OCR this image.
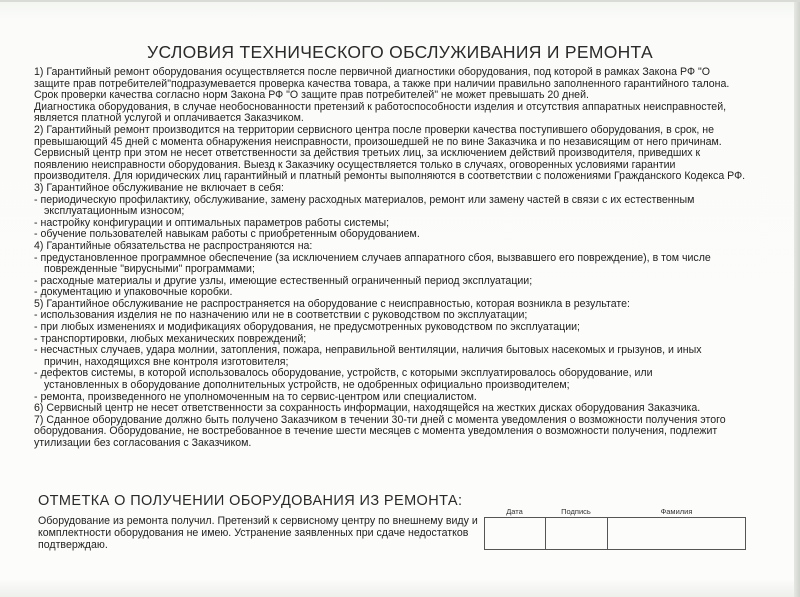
УСЛОВИЯ ТЕХНИЧЕСКОГО ОБСЛУЖИВАНИЯ И РЕМОНТА
1) Гарантийный ремонт оборудования осуществляется после первичной диагностики оборудования, под которой в рамках Закона РФ "О
защите прав потребителей"подразумевается проверка качества товара, а также при наличии правильно заполненного гарантийного талона.
Срок проверки качества согласно норм Закона РФ "О защите прав потребителей" не может превышать 20 дней.
Диагностика оборудования, в случае необоснованности претензий к работоспособности изделия и отсутствия аппаратных неисправностей,
является платной услугой и оплачивается Заказчиком.
2) Гарантийный ремонт производится на территории сервисного центра после проверки качества поступившего оборудования, в срок, не
превышающий 45 дней с момента обнаружения неисправности, произошедшей не по вине Заказчика и по независящим от него причинам.
Сервисный центр при этом не несет ответственности за действия третьих лиц, за исключением действий производителя, приведших к
появлению неисправности оборудования. Выезд к Заказчику осуществляется только в случаях, оговоренных условиями гарантии
производителя. Для юридических лиц гарантийный и платный ремонты выполняются в соответствии с положениями Гражданского Кодекса РФ.
3) Гарантийное обслуживание не включает в себя:
- периодическую профилактику, обслуживание, замену расходных материалов, ремонт или замену частей в связи с их естественным
эксплуатационным износом;
- настройку конфигурации и оптимальных параметров работы системы;
- обучение пользователей навыкам работы с приобретенным оборудованием.
4) Гарантийные обязательства не распространяются на:
- предустановленное программное обеспечение (за исключением случаев аппаратного сбоя, вызвавшего его повреждение), в том числе
поврежденные "вирусными" программами;
- расходные материалы и другие узлы, имеющие естественный ограниченный период эксплуатации;
- документацию и упаковочные коробки.
5) Гарантийное обслуживание не распространяется на оборудование с неисправностью, которая возникла в результате:
- использования изделия не по назначению или не в соответствии с руководством по эксплуатации;
- при любых изменениях и модификациях оборудования, не предусмотренных руководством по эксплуатации;
- транспортировки, любых механических повреждений;
- несчастных случаев, удара молнии, затопления, пожара, неправильной вентиляции, наличия бытовых насекомых и грызунов, и иных
причин, находящихся вне контроля изготовителя;
- дефектов системы, в которой использовалось оборудование, устройств, с которыми эксплуатировалось оборудование, или
установленных в оборудование дополнительных устройств, не одобренных официально производителем;
- ремонта, произведенного не уполномоченным на то сервис-центром или специалистом.
6) Сервисный центр не несет ответственности за сохранность информации, находящейся на жестких дисках оборудования Заказчика.
7) Сданное оборудование должно быть получено Заказчиком в течении 30-ти дней с момента уведомления о возможности получения этого
оборудования. Оборудование, не востребованное в течение шести месяцев с момента уведомления о возможности получения, подлежит
утилизации без согласования с Заказчиком.
ОТМЕТКА О ПОЛУЧЕНИИ ОБОРУДОВАНИЯ ИЗ РЕМОНТА:
Оборудование из ремонта получил. Претензий к сервисному центру по внешнему виду и
комплектности оборудования не имею. Устранение заявленных при сдаче недостатков
подтверждаю.
Дата	Подпись	Фамилия
